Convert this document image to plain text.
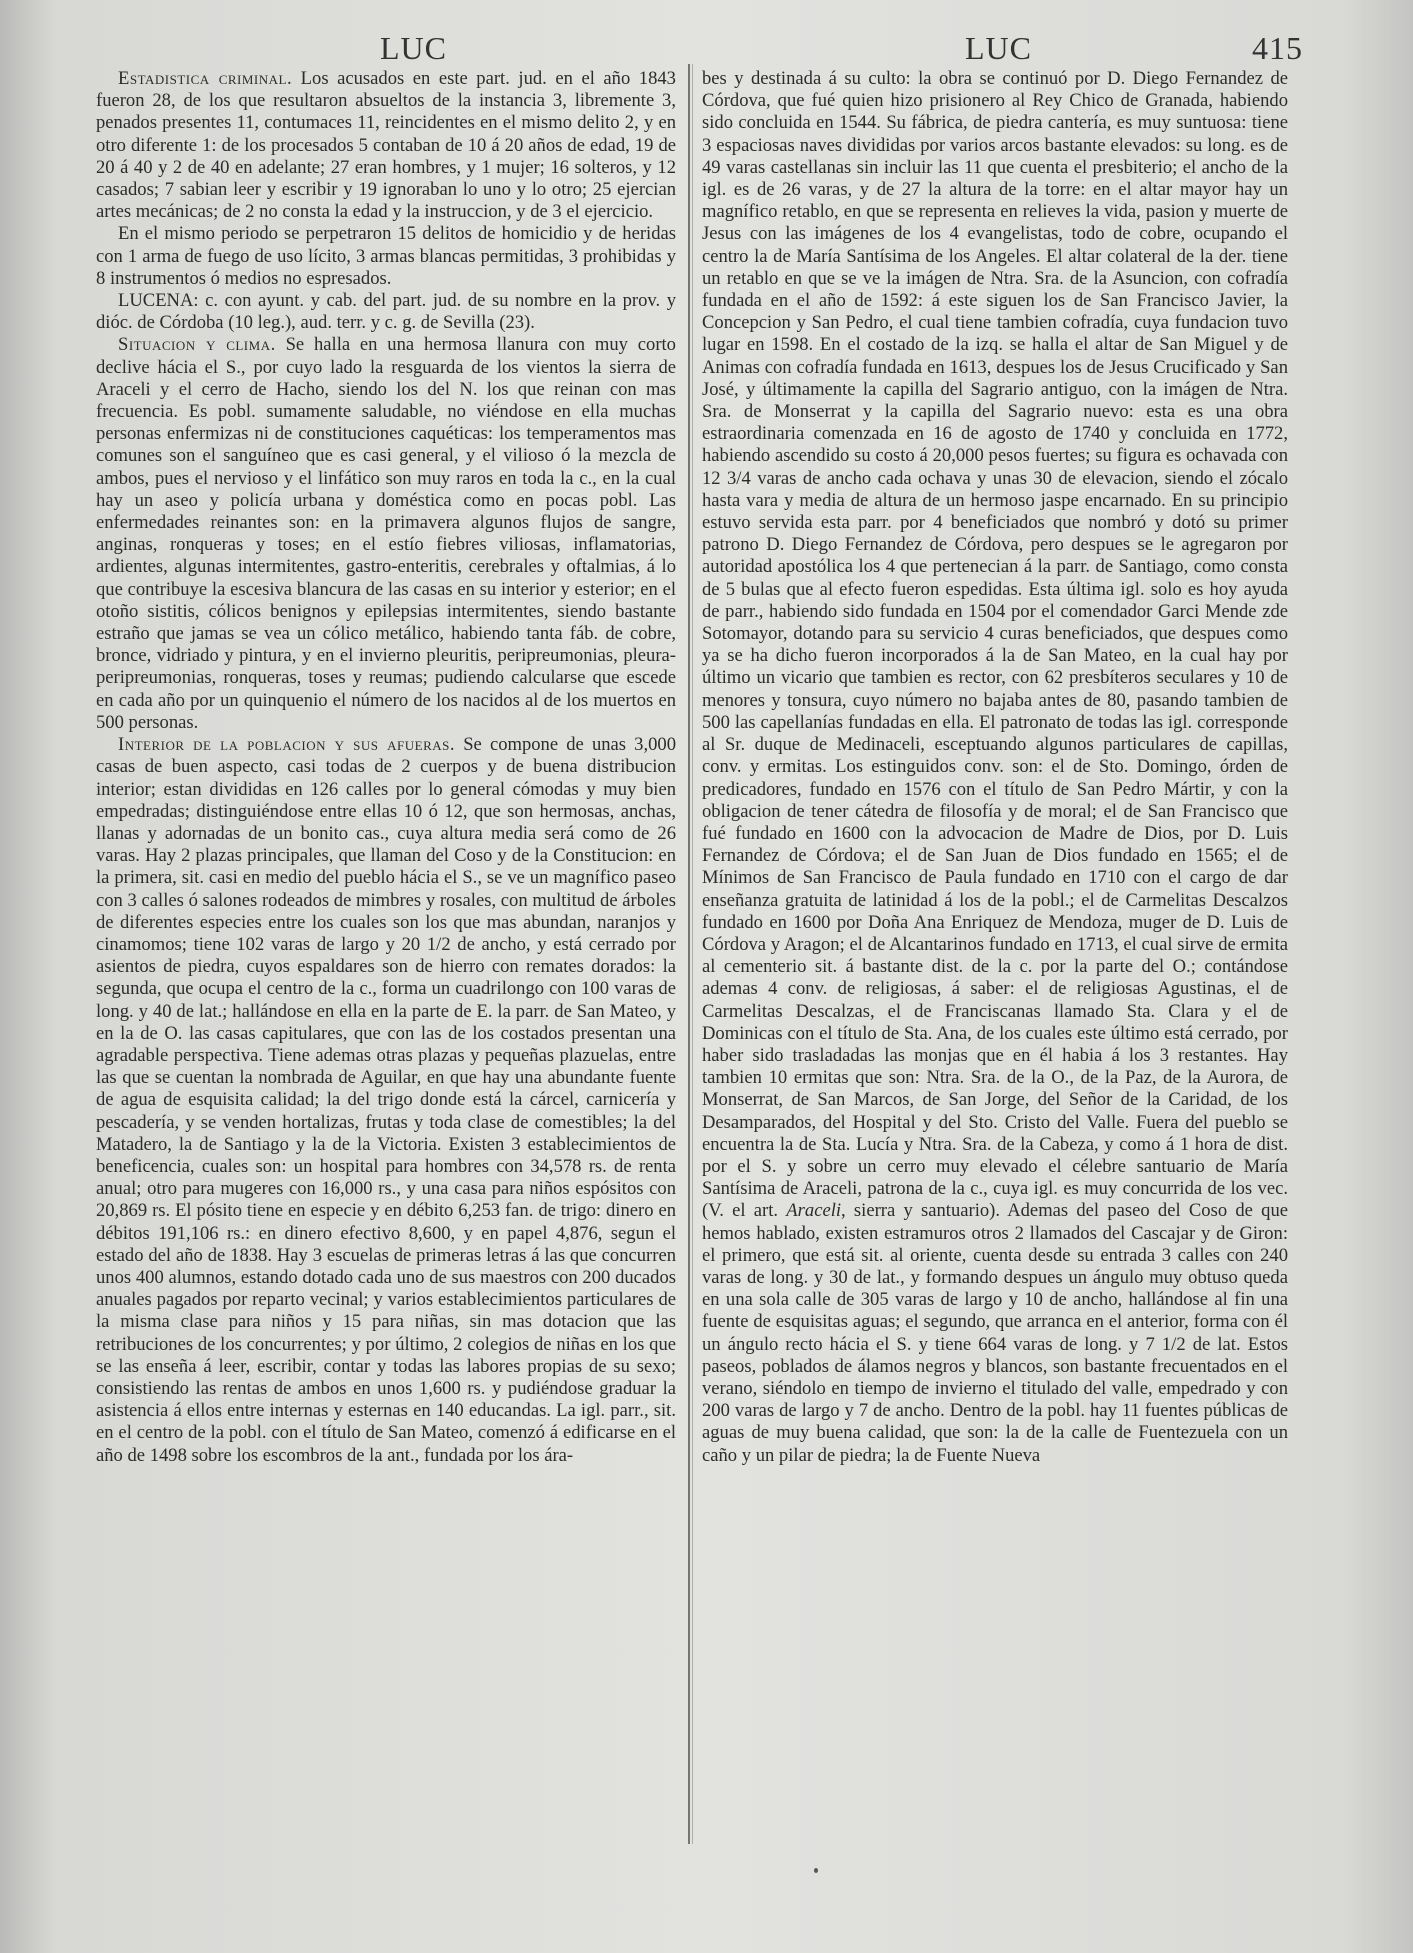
LUC	LUC	415

Estadistica criminal. Los acusados en este part. jud. en el año 1843 fueron 28, de los que resultaron absueltos de la instancia 3, libremente 3, penados presentes 11, contumaces 11, reincidentes en el mismo delito 2, y en otro diferente 1: de los procesados 5 contaban de 10 á 20 años de edad, 19 de 20 á 40 y 2 de 40 en adelante; 27 eran hombres, y 1 mujer; 16 solteros, y 12 casados; 7 sabian leer y escribir y 19 ignoraban lo uno y lo otro; 25 ejercian artes mecánicas; de 2 no consta la edad y la instruccion, y de 3 el ejercicio.

En el mismo periodo se perpetraron 15 delitos de homicidio y de heridas con 1 arma de fuego de uso lícito, 3 armas blancas permitidas, 3 prohibidas y 8 instrumentos ó medios no espresados.

LUCENA: c. con ayunt. y cab. del part. jud. de su nombre en la prov. y dióc. de Córdoba (10 leg.), aud. terr. y c. g. de Sevilla (23).

Situacion y clima. Se halla en una hermosa llanura con muy corto declive hácia el S., por cuyo lado la resguarda de los vientos la sierra de Araceli y el cerro de Hacho, siendo los del N. los que reinan con mas frecuencia. Es pobl. sumamente saludable, no viéndose en ella muchas personas enfermizas ni de constituciones caquéticas: los temperamentos mas comunes son el sanguíneo que es casi general, y el vilioso ó la mezcla de ambos, pues el nervioso y el linfático son muy raros en toda la c., en la cual hay un aseo y policía urbana y doméstica como en pocas pobl. Las enfermedades reinantes son: en la primavera algunos flujos de sangre, anginas, ronqueras y toses; en el estío fiebres viliosas, inflamatorias, ardientes, algunas intermitentes, gastro-enteritis, cerebrales y oftalmias, á lo que contribuye la escesiva blancura de las casas en su interior y esterior; en el otoño sistitis, cólicos benignos y epilepsias intermitentes, siendo bastante estraño que jamas se vea un cólico metálico, habiendo tanta fáb. de cobre, bronce, vidriado y pintura, y en el invierno pleuritis, peripreumonias, pleura-peripreumonias, ronqueras, toses y reumas; pudiendo calcularse que escede en cada año por un quinquenio el número de los nacidos al de los muertos en 500 personas.

Interior de la poblacion y sus afueras. Se compone de unas 3,000 casas de buen aspecto, casi todas de 2 cuerpos y de buena distribucion interior; estan divididas en 126 calles por lo general cómodas y muy bien empedradas; distinguiéndose entre ellas 10 ó 12, que son hermosas, anchas, llanas y adornadas de un bonito cas., cuya altura media será como de 26 varas. Hay 2 plazas principales, que llaman del Coso y de la Constitucion: en la primera, sit. casi en medio del pueblo hácia el S., se ve un magnífico paseo con 3 calles ó salones rodeados de mimbres y rosales, con multitud de árboles de diferentes especies entre los cuales son los que mas abundan, naranjos y cinamomos; tiene 102 varas de largo y 20 1/2 de ancho, y está cerrado por asientos de piedra, cuyos espaldares son de hierro con remates dorados: la segunda, que ocupa el centro de la c., forma un cuadrilongo con 100 varas de long. y 40 de lat.; hallándose en ella en la parte de E. la parr. de San Mateo, y en la de O. las casas capitulares, que con las de los costados presentan una agradable perspectiva. Tiene ademas otras plazas y pequeñas plazuelas, entre las que se cuentan la nombrada de Aguilar, en que hay una abundante fuente de agua de esquisita calidad; la del trigo donde está la cárcel, carnicería y pescadería, y se venden hortalizas, frutas y toda clase de comestibles; la del Matadero, la de Santiago y la de la Victoria. Existen 3 establecimientos de beneficencia, cuales son: un hospital para hombres con 34,578 rs. de renta anual; otro para mugeres con 16,000 rs., y una casa para niños espósitos con 20,869 rs. El pósito tiene en especie y en débito 6,253 fan. de trigo: dinero en débitos 191,106 rs.: en dinero efectivo 8,600, y en papel 4,876, segun el estado del año de 1838. Hay 3 escuelas de primeras letras á las que concurren unos 400 alumnos, estando dotado cada uno de sus maestros con 200 ducados anuales pagados por reparto vecinal; y varios establecimientos particulares de la misma clase para niños y 15 para niñas, sin mas dotacion que las retribuciones de los concurrentes; y por último, 2 colegios de niñas en los que se las enseña á leer, escribir, contar y todas las labores propias de su sexo; consistiendo las rentas de ambos en unos 1,600 rs. y pudiéndose graduar la asistencia á ellos entre internas y esternas en 140 educandas. La igl. parr., sit. en el centro de la pobl. con el título de San Mateo, comenzó á edificarse en el año de 1498 sobre los escombros de la ant., fundada por los ára-

bes y destinada á su culto: la obra se continuó por D. Diego Fernandez de Córdova, que fué quien hizo prisionero al Rey Chico de Granada, habiendo sido concluida en 1544. Su fábrica, de piedra cantería, es muy suntuosa: tiene 3 espaciosas naves divididas por varios arcos bastante elevados: su long. es de 49 varas castellanas sin incluir las 11 que cuenta el presbiterio; el ancho de la igl. es de 26 varas, y de 27 la altura de la torre: en el altar mayor hay un magnífico retablo, en que se representa en relieves la vida, pasion y muerte de Jesus con las imágenes de los 4 evangelistas, todo de cobre, ocupando el centro la de María Santísima de los Angeles. El altar colateral de la der. tiene un retablo en que se ve la imágen de Ntra. Sra. de la Asuncion, con cofradía fundada en el año de 1592: á este siguen los de San Francisco Javier, la Concepcion y San Pedro, el cual tiene tambien cofradía, cuya fundacion tuvo lugar en 1598. En el costado de la izq. se halla el altar de San Miguel y de Animas con cofradía fundada en 1613, despues los de Jesus Crucificado y San José, y últimamente la capilla del Sagrario antiguo, con la imágen de Ntra. Sra. de Monserrat y la capilla del Sagrario nuevo: esta es una obra estraordinaria comenzada en 16 de agosto de 1740 y concluida en 1772, habiendo ascendido su costo á 20,000 pesos fuertes; su figura es ochavada con 12 3/4 varas de ancho cada ochava y unas 30 de elevacion, siendo el zócalo hasta vara y media de altura de un hermoso jaspe encarnado. En su principio estuvo servida esta parr. por 4 beneficiados que nombró y dotó su primer patrono D. Diego Fernandez de Córdova, pero despues se le agregaron por autoridad apostólica los 4 que pertenecian á la parr. de Santiago, como consta de 5 bulas que al efecto fueron espedidas. Esta última igl. solo es hoy ayuda de parr., habiendo sido fundada en 1504 por el comendador Garci Mende zde Sotomayor, dotando para su servicio 4 curas beneficiados, que despues como ya se ha dicho fueron incorporados á la de San Mateo, en la cual hay por último un vicario que tambien es rector, con 62 presbíteros seculares y 10 de menores y tonsura, cuyo número no bajaba antes de 80, pasando tambien de 500 las capellanías fundadas en ella. El patronato de todas las igl. corresponde al Sr. duque de Medinaceli, esceptuando algunos particulares de capillas, conv. y ermitas. Los estinguidos conv. son: el de Sto. Domingo, órden de predicadores, fundado en 1576 con el título de San Pedro Mártir, y con la obligacion de tener cátedra de filosofía y de moral; el de San Francisco que fué fundado en 1600 con la advocacion de Madre de Dios, por D. Luis Fernandez de Córdova; el de San Juan de Dios fundado en 1565; el de Mínimos de San Francisco de Paula fundado en 1710 con el cargo de dar enseñanza gratuita de latinidad á los de la pobl.; el de Carmelitas Descalzos fundado en 1600 por Doña Ana Enriquez de Mendoza, muger de D. Luis de Córdova y Aragon; el de Alcantarinos fundado en 1713, el cual sirve de ermita al cementerio sit. á bastante dist. de la c. por la parte del O.; contándose ademas 4 conv. de religiosas, á saber: el de religiosas Agustinas, el de Carmelitas Descalzas, el de Franciscanas llamado Sta. Clara y el de Dominicas con el título de Sta. Ana, de los cuales este último está cerrado, por haber sido trasladadas las monjas que en él habia á los 3 restantes. Hay tambien 10 ermitas que son: Ntra. Sra. de la O., de la Paz, de la Aurora, de Monserrat, de San Marcos, de San Jorge, del Señor de la Caridad, de los Desamparados, del Hospital y del Sto. Cristo del Valle. Fuera del pueblo se encuentra la de Sta. Lucía y Ntra. Sra. de la Cabeza, y como á 1 hora de dist. por el S. y sobre un cerro muy elevado el célebre santuario de María Santísima de Araceli, patrona de la c., cuya igl. es muy concurrida de los vec. (V. el art. Araceli, sierra y santuario). Ademas del paseo del Coso de que hemos hablado, existen estramuros otros 2 llamados del Cascajar y de Giron: el primero, que está sit. al oriente, cuenta desde su entrada 3 calles con 240 varas de long. y 30 de lat., y formando despues un ángulo muy obtuso queda en una sola calle de 305 varas de largo y 10 de ancho, hallándose al fin una fuente de esquisitas aguas; el segundo, que arranca en el anterior, forma con él un ángulo recto hácia el S. y tiene 664 varas de long. y 7 1/2 de lat. Estos paseos, poblados de álamos negros y blancos, son bastante frecuentados en el verano, siéndolo en tiempo de invierno el titulado del valle, empedrado y con 200 varas de largo y 7 de ancho. Dentro de la pobl. hay 11 fuentes públicas de aguas de muy buena calidad, que son: la de la calle de Fuentezuela con un caño y un pilar de piedra; la de Fuente Nueva
